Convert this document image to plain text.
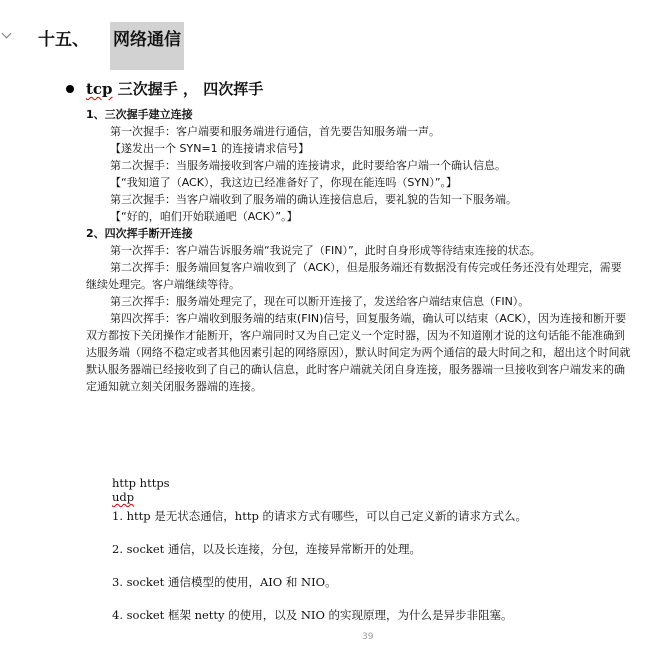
十五、	网络通信
tcp 三次握手 ， 四次挥手

1、三次握手建立连接

第一次握手：客户端要和服务端进行通信，首先要告知服务端一声。

【遂发出一个 SYN=1 的连接请求信号】

第二次握手：当服务端接收到客户端的连接请求，此时要给客户端一个确认信息。

【“我知道了（ACK），我这边已经准备好了，你现在能连吗（SYN）”。】

第三次握手：当客户端收到了服务端的确认连接信息后，要礼貌的告知一下服务端。

【“好的，咱们开始联通吧（ACK）”。】

2、四次挥手断开连接

第一次挥手：客户端告诉服务端“我说完了（FIN）”，此时自身形成等待结束连接的状态。

第二次挥手：服务端回复客户端收到了（ACK），但是服务端还有数据没有传完或任务还没有处理完，需要继续处理完。客户端继续等待。

第三次挥手：服务端处理完了，现在可以断开连接了，发送给客户端结束信息（FIN）。

第四次挥手：客户端收到服务端的结束(FIN)信号，回复服务端，确认可以结束（ACK），因为连接和断开要双方都按下关闭操作才能断开，客户端同时又为自己定义一个定时器，因为不知道刚才说的这句话能不能准确到达服务端（网络不稳定或者其他因素引起的网络原因），默认时间定为两个通信的最大时间之和，超出这个时间就默认服务器端已经接收到了自己的确认信息，此时客户端就关闭自身连接，服务器端一旦接收到客户端发来的确定通知就立刻关闭服务器端的连接。

http https

udp

1. http 是无状态通信，http 的请求方式有哪些，可以自己定义新的请求方式么。

2. socket 通信，以及长连接，分包，连接异常断开的处理。

3. socket 通信模型的使用，AIO 和 NIO。

4. socket 框架 netty 的使用，以及 NIO 的实现原理，为什么是异步非阻塞。

39
